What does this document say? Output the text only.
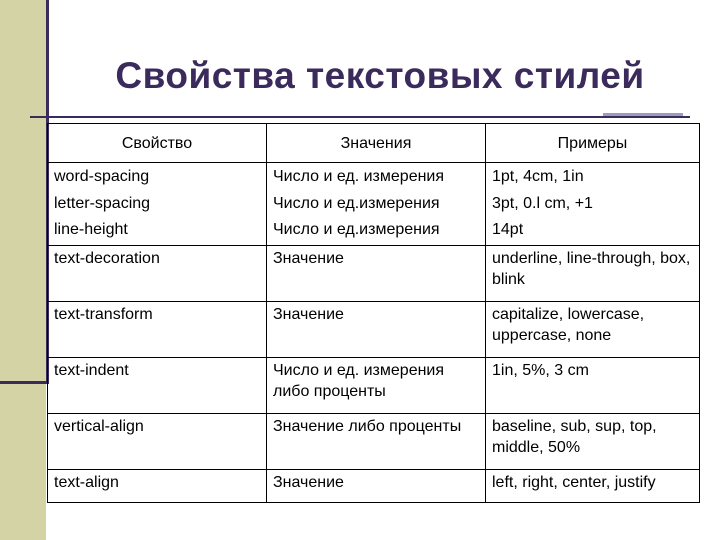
Свойства текстовых стилей
Свойство	Значения	Примеры
word-spacing	Число и ед. измерения	1pt, 4cm, 1in
letter-spacing	Число и ед.измерения	3pt, 0.l cm, +1
line-height	Число и ед.измерения	14pt
text-decoration	Значение	underline, line-through, box, blink
text-transform	Значение	capitalize, lowercase, uppercase, none
text-indent	Число и ед. измерения либо проценты	1in, 5%, 3 cm
vertical-align	Значение либо проценты	baseline, sub, sup, top, middle, 50%
text-align	Значение	left, right, center, justify
